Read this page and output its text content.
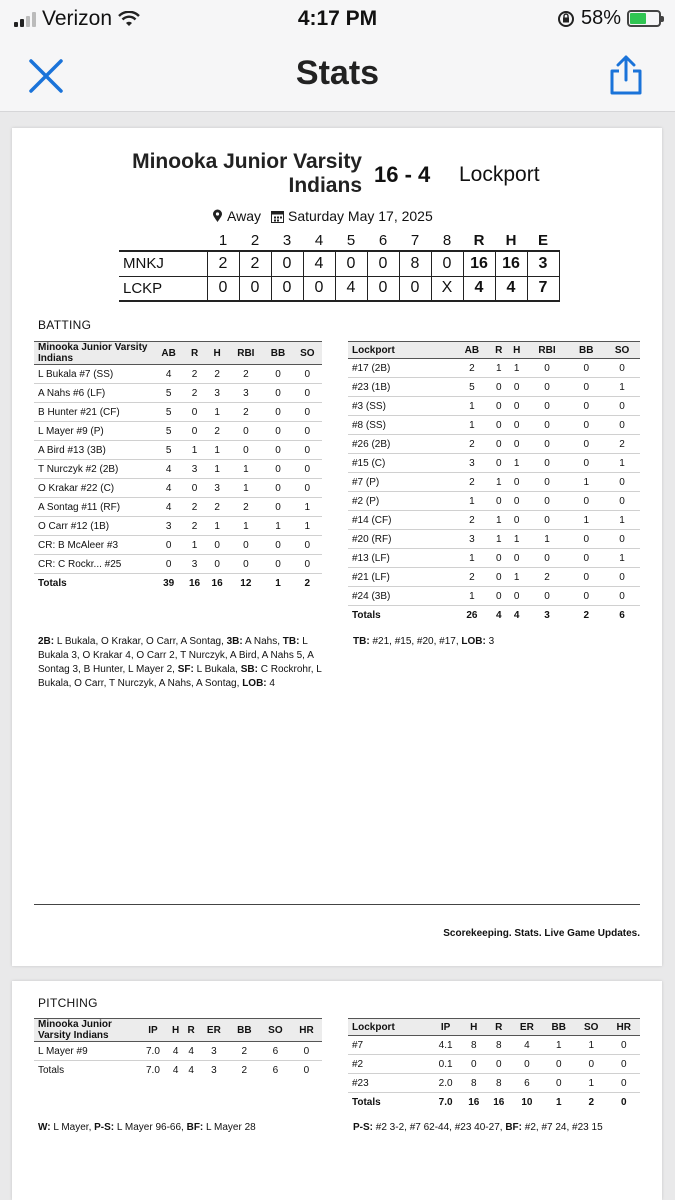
Verizon	4:17 PM	58%
Stats
Minooka Junior Varsity
Indians 16 - 4 Lockport
Away Saturday May 17, 2025
	1	2	3	4	5	6	7	8	R	H	E
MNKJ	2	2	0	4	0	0	8	0	16	16	3
LCKP	0	0	0	0	4	0	0	X	4	4	7
BATTING
Minooka Junior Varsity Indians	AB	R	H	RBI	BB	SO
L Bukala #7 (SS)	4	2	2	2	0	0
A Nahs #6 (LF)	5	2	3	3	0	0
B Hunter #21 (CF)	5	0	1	2	0	0
L Mayer #9 (P)	5	0	2	0	0	0
A Bird #13 (3B)	5	1	1	0	0	0
T Nurczyk #2 (2B)	4	3	1	1	0	0
O Krakar #22 (C)	4	0	3	1	0	0
A Sontag #11 (RF)	4	2	2	2	0	1
O Carr #12 (1B)	3	2	1	1	1	1
CR: B McAleer #3	0	1	0	0	0	0
CR: C Rockr... #25	0	3	0	0	0	0
Totals	39	16	16	12	1	2
Lockport	AB	R	H	RBI	BB	SO
#17 (2B)	2	1	1	0	0	0
#23 (1B)	5	0	0	0	0	1
#3 (SS)	1	0	0	0	0	0
#8 (SS)	1	0	0	0	0	0
#26 (2B)	2	0	0	0	0	2
#15 (C)	3	0	1	0	0	1
#7 (P)	2	1	0	0	1	0
#2 (P)	1	0	0	0	0	0
#14 (CF)	2	1	0	0	1	1
#20 (RF)	3	1	1	1	0	0
#13 (LF)	1	0	0	0	0	1
#21 (LF)	2	0	1	2	0	0
#24 (3B)	1	0	0	0	0	0
Totals	26	4	4	3	2	6
2B: L Bukala, O Krakar, O Carr, A Sontag, 3B: A Nahs, TB: L Bukala 3, O Krakar 4, O Carr 2, T Nurczyk, A Bird, A Nahs 5, A Sontag 3, B Hunter, L Mayer 2, SF: L Bukala, SB: C Rockrohr, L Bukala, O Carr, T Nurczyk, A Nahs, A Sontag, LOB: 4
TB: #21, #15, #20, #17, LOB: 3
Scorekeeping. Stats. Live Game Updates.
PITCHING
Minooka Junior Varsity Indians	IP	H	R	ER	BB	SO	HR
L Mayer #9	7.0	4	4	3	2	6	0
Totals	7.0	4	4	3	2	6	0
Lockport	IP	H	R	ER	BB	SO	HR
#7	4.1	8	8	4	1	1	0
#2	0.1	0	0	0	0	0	0
#23	2.0	8	8	6	0	1	0
Totals	7.0	16	16	10	1	2	0
W: L Mayer, P-S: L Mayer 96-66, BF: L Mayer 28	P-S: #2 3-2, #7 62-44, #23 40-27, BF: #2, #7 24, #23 15
